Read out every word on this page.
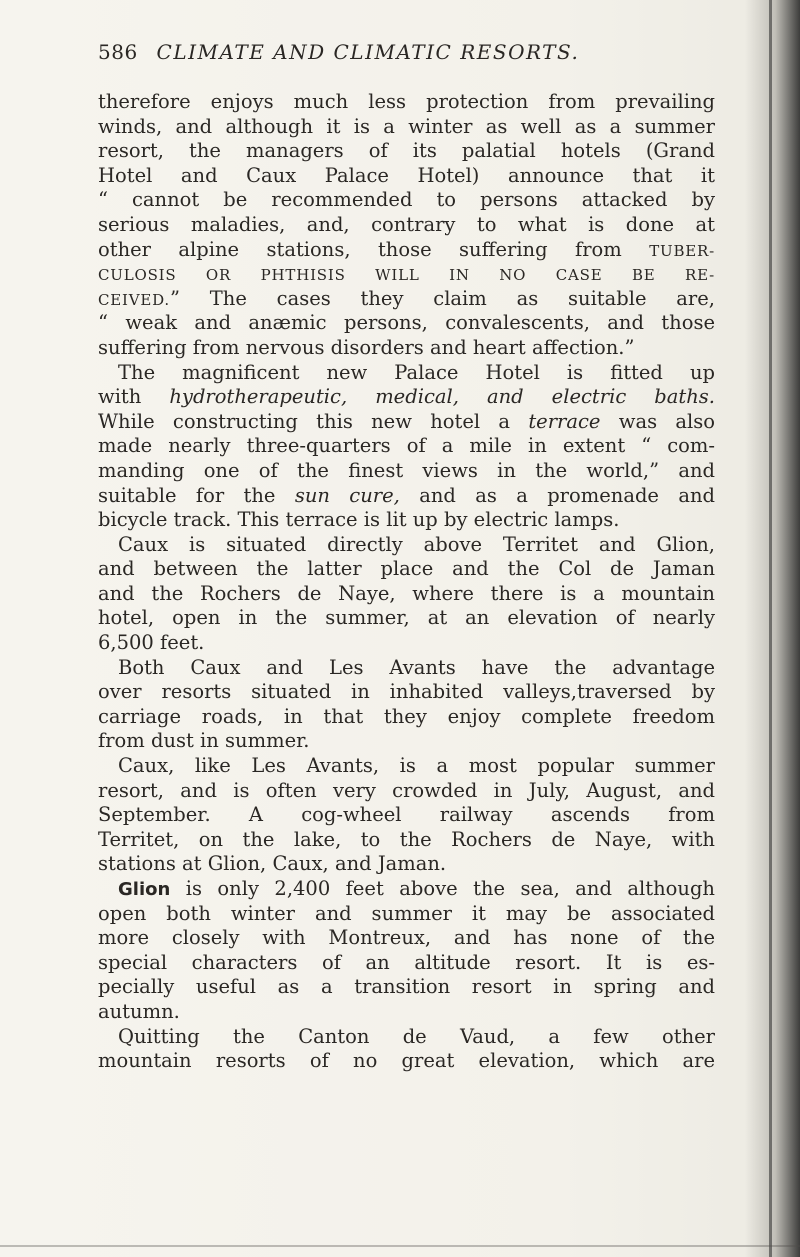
586 CLIMATE AND CLIMATIC RESORTS.
therefore enjoys much less protection from prevailing
winds, and although it is a winter as well as a summer
resort, the managers of its palatial hotels (Grand
Hotel and Caux Palace Hotel) announce that it
“ cannot be recommended to persons attacked by
serious maladies, and, contrary to what is done at
other alpine stations, those suffering from TUBER-
CULOSIS OR PHTHISIS WILL IN NO CASE BE RE-
CEIVED.” The cases they claim as suitable are,
“ weak and anæmic persons, convalescents, and those
suffering from nervous disorders and heart affection.”
The magnificent new Palace Hotel is fitted up
with hydrotherapeutic, medical, and electric baths.
While constructing this new hotel a terrace was also
made nearly three-quarters of a mile in extent “ com-
manding one of the finest views in the world,” and
suitable for the sun cure, and as a promenade and
bicycle track. This terrace is lit up by electric lamps.
Caux is situated directly above Territet and Glion,
and between the latter place and the Col de Jaman
and the Rochers de Naye, where there is a mountain
hotel, open in the summer, at an elevation of nearly
6,500 feet.
Both Caux and Les Avants have the advantage
over resorts situated in inhabited valleys,traversed by
carriage roads, in that they enjoy complete freedom
from dust in summer.
Caux, like Les Avants, is a most popular summer
resort, and is often very crowded in July, August, and
September. A cog-wheel railway ascends from
Territet, on the lake, to the Rochers de Naye, with
stations at Glion, Caux, and Jaman.
Glion is only 2,400 feet above the sea, and although
open both winter and summer it may be associated
more closely with Montreux, and has none of the
special characters of an altitude resort. It is es-
pecially useful as a transition resort in spring and
autumn.
Quitting the Canton de Vaud, a few other
mountain resorts of no great elevation, which are
